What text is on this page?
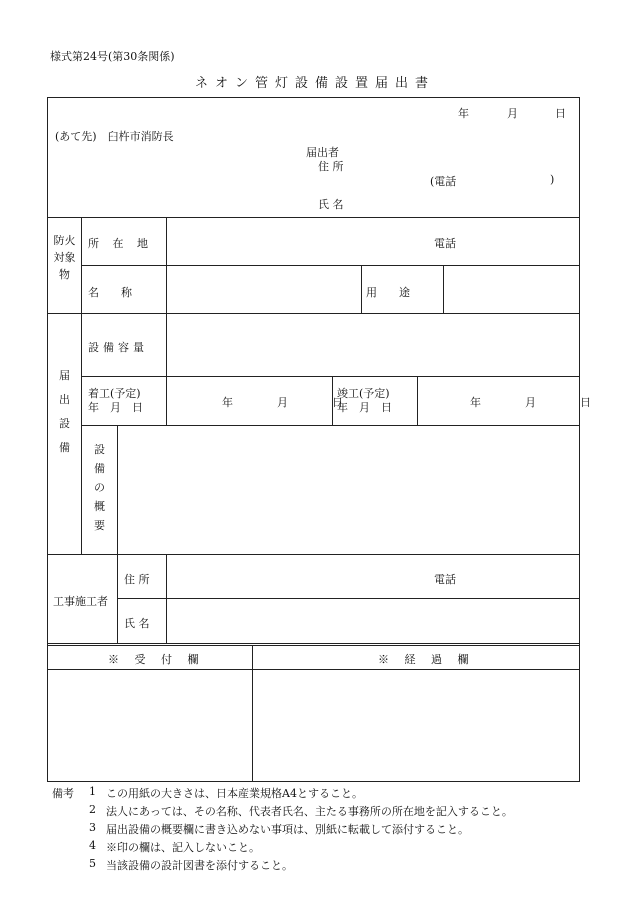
様式第24号(第30条関係)
ネオン管灯設備設置届出書
年	月	日
(あて先)　臼杵市消防長
届出者
住 所
(電話	)
氏 名
防火
対象
物
所 在 地	電話
名　　称	用　　途
届

出

設

備
設備容量
着工(予定)
年　月　日	年　　　　月　　　　日
竣工(予定)
年　月　日	年　　　　月　　　　日
設
備
の
概
要
工事施工者
住 所	電話
氏 名
※ 受 付 欄	※ 経 過 欄
備考 1 この用紙の大きさは、日本産業規格A4とすること。
2 法人にあっては、その名称、代表者氏名、主たる事務所の所在地を記入すること。
3 届出設備の概要欄に書き込めない事項は、別紙に転載して添付すること。
4 ※印の欄は、記入しないこと。
5 当該設備の設計図書を添付すること。
